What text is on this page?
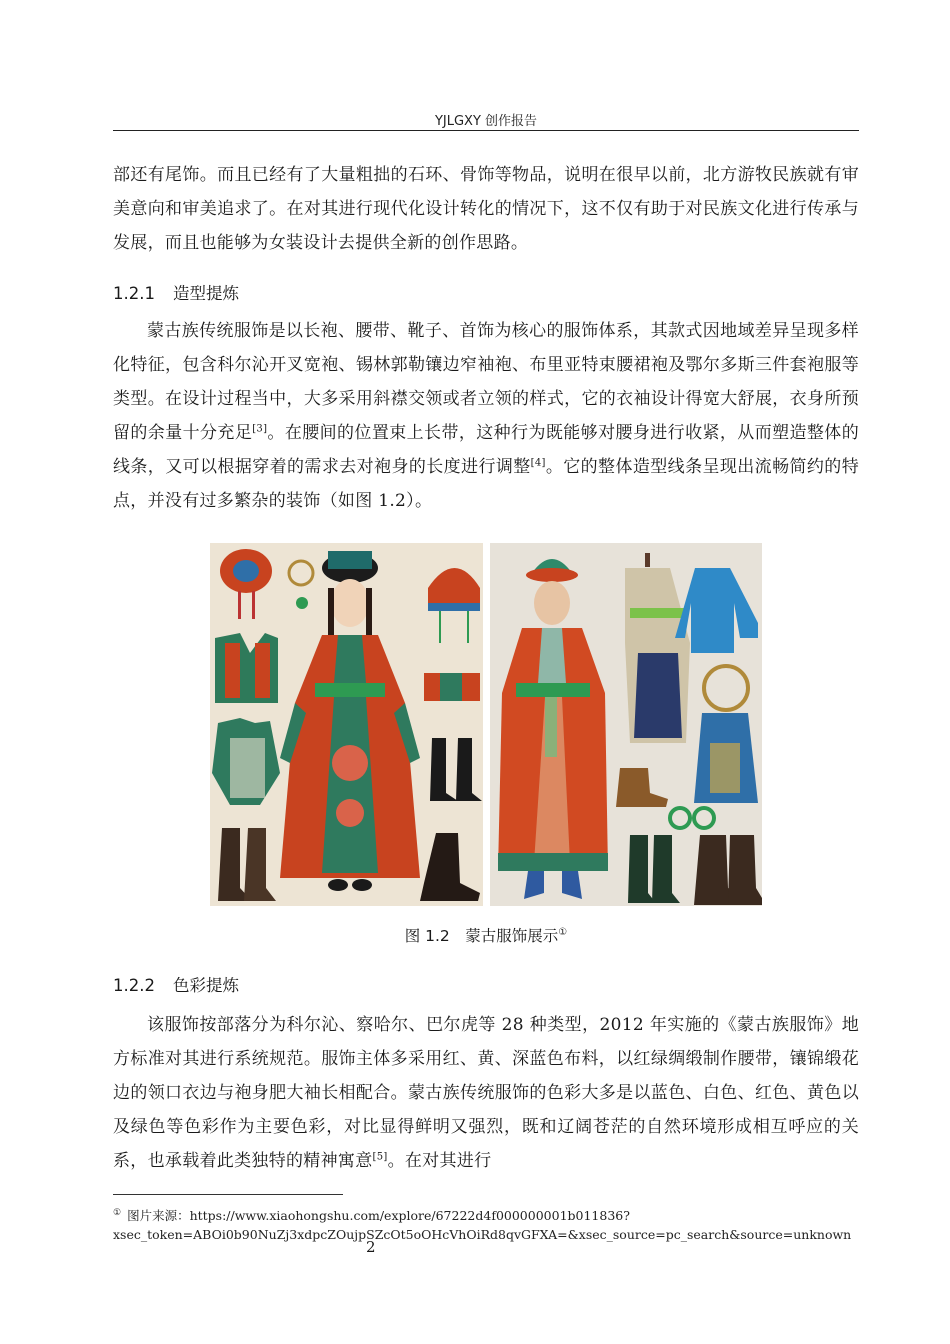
YJLGXY 创作报告

部还有尾饰。而且已经有了大量粗拙的石环、骨饰等物品，说明在很早以前，北方游牧民族就有审美意向和审美追求了。在对其进行现代化设计转化的情况下，这不仅有助于对民族文化进行传承与发展，而且也能够为女装设计去提供全新的创作思路。

1.2.1 造型提炼

蒙古族传统服饰是以长袍、腰带、靴子、首饰为核心的服饰体系，其款式因地域差异呈现多样化特征，包含科尔沁开叉宽袍、锡林郭勒镶边窄袖袍、布里亚特束腰裙袍及鄂尔多斯三件套袍服等类型。在设计过程当中，大多采用斜襟交领或者立领的样式，它的衣袖设计得宽大舒展，衣身所预留的余量十分充足[3]。在腰间的位置束上长带，这种行为既能够对腰身进行收紧，从而塑造整体的线条，又可以根据穿着的需求去对袍身的长度进行调整[4]。它的整体造型线条呈现出流畅简约的特点，并没有过多繁杂的装饰（如图 1.2）。

图 1.2　蒙古服饰展示①
1.2.2 色彩提炼

该服饰按部落分为科尔沁、察哈尔、巴尔虎等 28 种类型，2012 年实施的《蒙古族服饰》地方标准对其进行系统规范。服饰主体多采用红、黄、深蓝色布料，以红绿绸缎制作腰带，镶锦缎花边的领口衣边与袍身肥大袖长相配合。蒙古族传统服饰的色彩大多是以蓝色、白色、红色、黄色以及绿色等色彩作为主要色彩，对比显得鲜明又强烈，既和辽阔苍茫的自然环境形成相互呼应的关系，也承载着此类独特的精神寓意[5]。在对其进行

① 图片来源：https://www.xiaohongshu.com/explore/67222d4f000000001b011836?
xsec_token=ABOi0b90NuZj3xdpcZOujpSZcOt5oOHcVhOiRd8qvGFXA=&xsec_source=pc_search&source=unknown

2
